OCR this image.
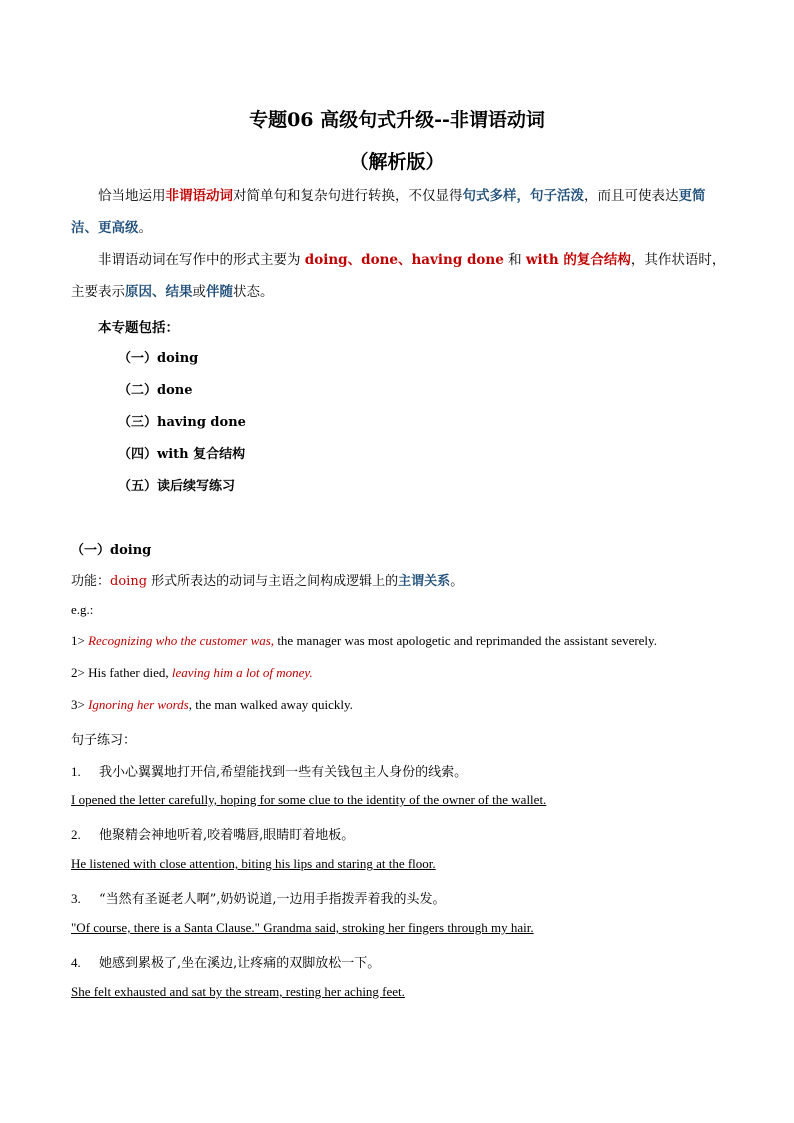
专题06 高级句式升级--非谓语动词
（解析版）

恰当地运用非谓语动词对简单句和复杂句进行转换，不仅显得句式多样，句子活泼，而且可使表达更简洁、更高级。

非谓语动词在写作中的形式主要为 doing、done、having done 和 with 的复合结构，其作状语时，主要表示原因、结果或伴随状态。

本专题包括：
（一）doing
（二）done
（三）having done
（四）with 复合结构
（五）读后续写练习
（一）doing
功能：doing 形式所表达的动词与主语之间构成逻辑上的主谓关系。
e.g.:
1> Recognizing who the customer was, the manager was most apologetic and reprimanded the assistant severely.
2> His father died, leaving him a lot of money.
3> Ignoring her words, the man walked away quickly.
句子练习：
1. 我小心翼翼地打开信,希望能找到一些有关钱包主人身份的线索。
I opened the letter carefully, hoping for some clue to the identity of the owner of the wallet.
2. 他聚精会神地听着,咬着嘴唇,眼睛盯着地板。
He listened with close attention, biting his lips and staring at the floor.
3. “当然有圣诞老人啊”,奶奶说道,一边用手指拨弄着我的头发。
"Of course, there is a Santa Clause." Grandma said, stroking her fingers through my hair.
4. 她感到累极了,坐在溪边,让疼痛的双脚放松一下。
She felt exhausted and sat by the stream, resting her aching feet.
